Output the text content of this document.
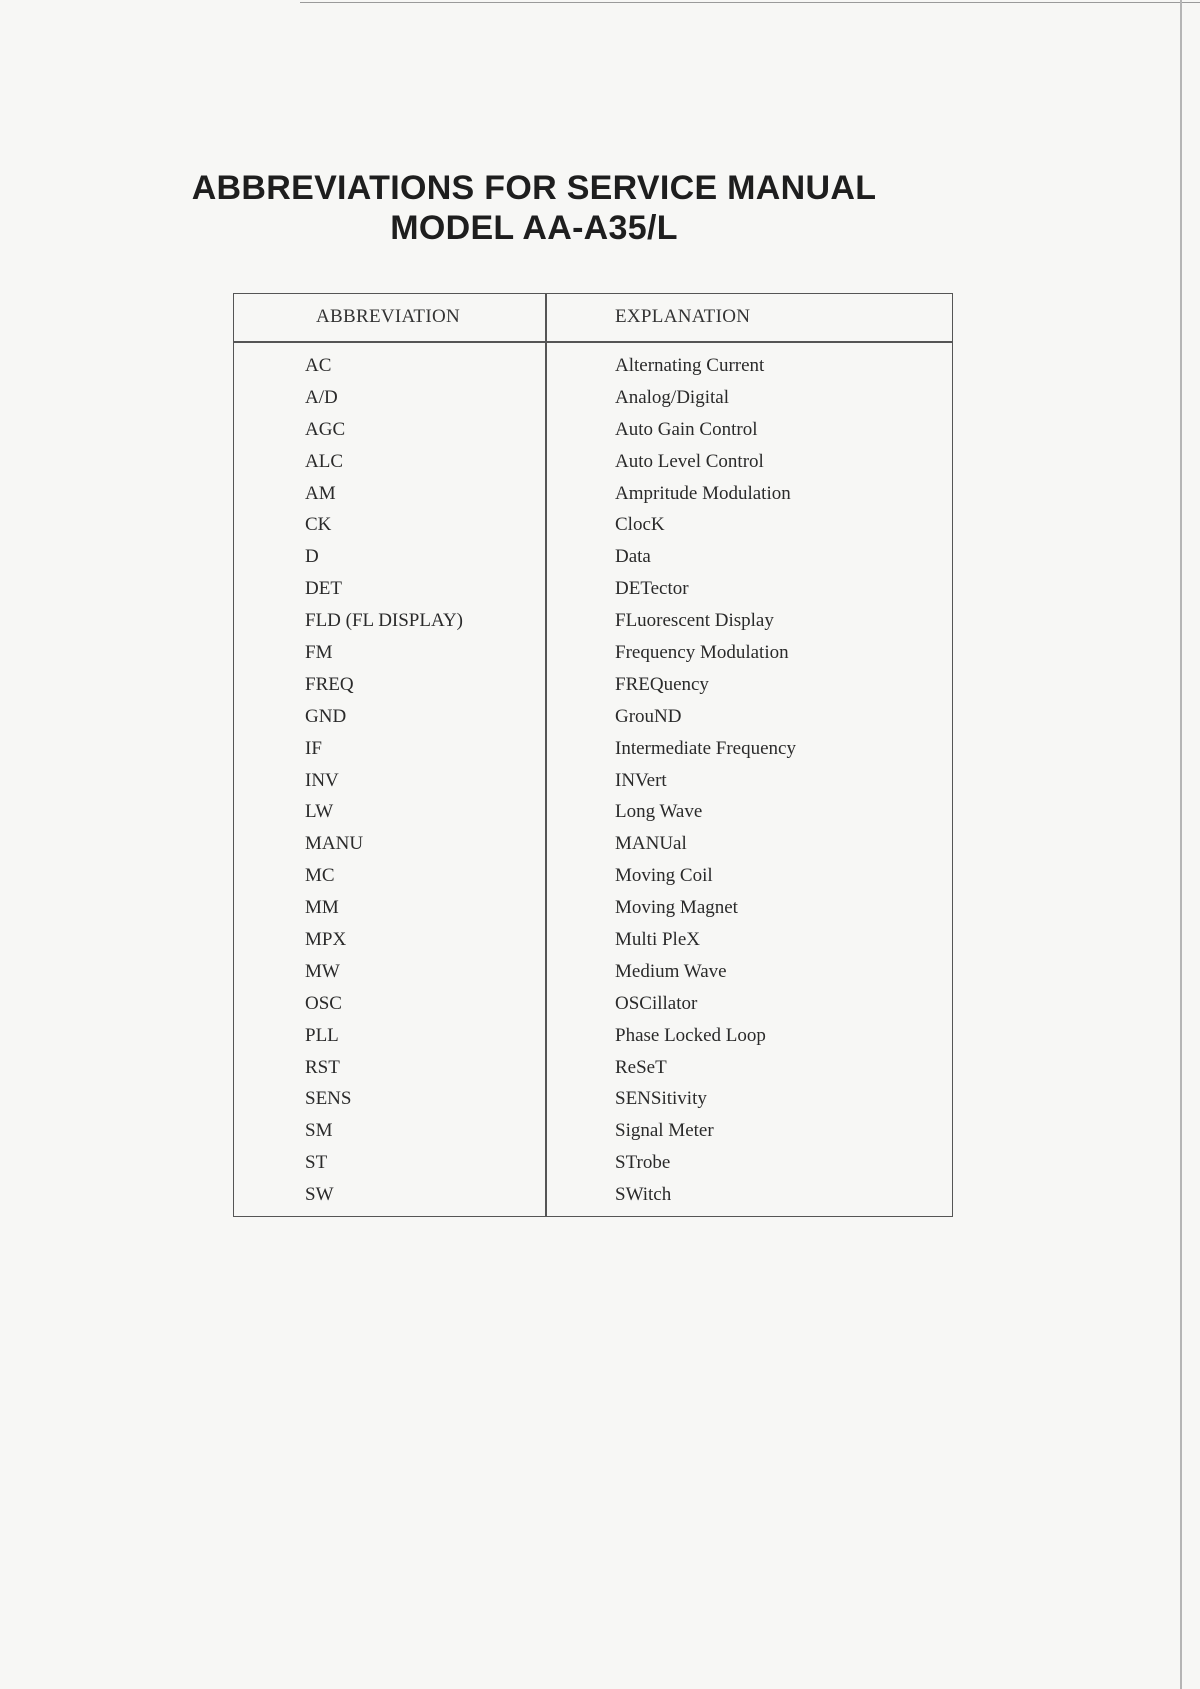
ABBREVIATIONS FOR SERVICE MANUAL
MODEL AA-A35/L
ABBREVIATION	EXPLANATION
AC	Alternating Current
A/D	Analog/Digital
AGC	Auto Gain Control
ALC	Auto Level Control
AM	Ampritude Modulation
CK	ClocK
D	Data
DET	DETector
FLD (FL DISPLAY)	FLuorescent Display
FM	Frequency Modulation
FREQ	FREQuency
GND	GrouND
IF	Intermediate Frequency
INV	INVert
LW	Long Wave
MANU	MANUal
MC	Moving Coil
MM	Moving Magnet
MPX	Multi PleX
MW	Medium Wave
OSC	OSCillator
PLL	Phase Locked Loop
RST	ReSeT
SENS	SENSitivity
SM	Signal Meter
ST	STrobe
SW	SWitch
